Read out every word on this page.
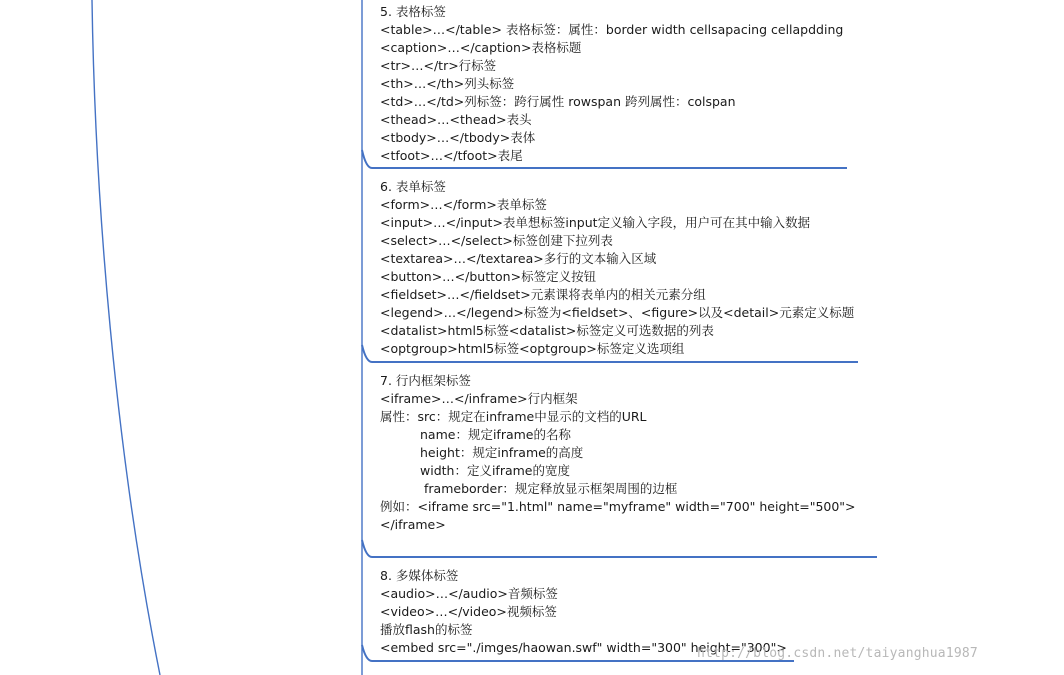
5. 表格标签
<table>…</table> 表格标签：属性：border width cellsapacing cellapdding
<caption>…</caption>表格标题
<tr>…</tr>行标签
<th>…</th>列头标签
<td>…</td>列标签：跨行属性 rowspan 跨列属性：colspan
<thead>…<thead>表头
<tbody>…</tbody>表体
<tfoot>…</tfoot>表尾
6. 表单标签
<form>…</form>表单标签
<input>…</input>表单想标签input定义输入字段，用户可在其中输入数据
<select>…</select>标签创建下拉列表
<textarea>…</textarea>多行的文本输入区域
<button>…</button>标签定义按钮
<fieldset>…</fieldset>元素课将表单内的相关元素分组
<legend>…</legend>标签为<fieldset>、<figure>以及<detail>元素定义标题
<datalist>html5标签<datalist>标签定义可选数据的列表
<optgroup>html5标签<optgroup>标签定义选项组
7. 行内框架标签
<iframe>…</inframe>行内框架
属性：src：规定在inframe中显示的文档的URL
name：规定iframe的名称
height：规定inframe的高度
width：定义iframe的宽度
frameborder：规定释放显示框架周围的边框
例如：<iframe src="1.html" name="myframe" width="700" height="500"></iframe>
8. 多媒体标签
<audio>…</audio>音频标签
<video>…</video>视频标签
播放flash的标签
<embed src="./imges/haowan.swf" width="300" height="300">
http://blog.csdn.net/taiyanghua1987
